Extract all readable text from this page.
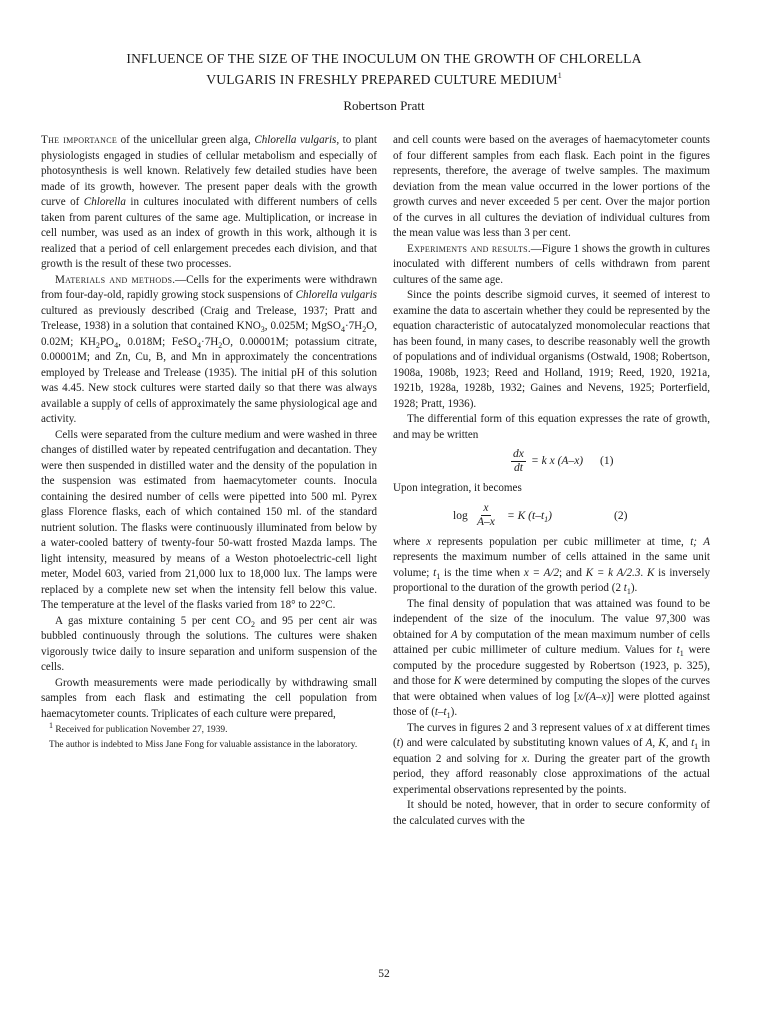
INFLUENCE OF THE SIZE OF THE INOCULUM ON THE GROWTH OF CHLORELLA
VULGARIS IN FRESHLY PREPARED CULTURE MEDIUM$^1$
Robertson Pratt

The importance of the unicellular green alga, Chlorella vulgaris, to plant physiologists engaged in studies of cellular metabolism and especially of photosynthesis is well known. Relatively few detailed studies have been made of its growth, however. The present paper deals with the growth curve of Chlorella in cultures inoculated with different numbers of cells taken from parent cultures of the same age. Multiplication, or increase in cell number, was used as an index of growth in this work, although it is realized that a period of cell enlargement precedes each division, and that growth is the result of these two processes.

Materials and methods.—Cells for the experiments were withdrawn from four-day-old, rapidly growing stock suspensions of Chlorella vulgaris cultured as previously described (Craig and Trelease, 1937; Pratt and Trelease, 1938) in a solution that contained $KNO_3$, 0.025M; $MgSO_4\cdot 7H_2O$, 0.02M; $KH_2PO_4$, 0.018M; $FeSO_4\cdot 7H_2O$, 0.00001M; potassium citrate, 0.00001M; and Zn, Cu, B, and Mn in approximately the concentrations employed by Trelease and Trelease (1935). The initial pH of this solution was 4.45. New stock cultures were started daily so that there was always available a supply of cells of approximately the same physiological age and activity.

Cells were separated from the culture medium and were washed in three changes of distilled water by repeated centrifugation and decantation. They were then suspended in distilled water and the density of the population in the suspension was estimated from haemacytometer counts. Inocula containing the desired number of cells were pipetted into 500 ml. Pyrex glass Florence flasks, each of which contained 150 ml. of the standard nutrient solution. The flasks were continuously illuminated from below by a water-cooled battery of twenty-four 50-watt frosted Mazda lamps. The light intensity, measured by means of a Weston photoelectric-cell light meter, Model 603, varied from 21,000 lux to 18,000 lux. The lamps were replaced by a complete new set when the intensity fell below this value. The temperature at the level of the flasks varied from 18° to 22°C.

A gas mixture containing 5 per cent $CO_2$ and 95 per cent air was bubbled continuously through the solutions. The cultures were shaken vigorously twice daily to insure separation and uniform suspension of the cells.

Growth measurements were made periodically by withdrawing small samples from each flask and estimating the cell population from haemacytometer counts. Triplicates of each culture were prepared,

$^1$ Received for publication November 27, 1939.

The author is indebted to Miss Jane Fong for valuable assistance in the laboratory.

and cell counts were based on the averages of haemacytometer counts of four different samples from each flask. Each point in the figures represents, therefore, the average of twelve samples. The maximum deviation from the mean value occurred in the lower portions of the growth curves and never exceeded 5 per cent. Over the major portion of the curves in all cultures the deviation of individual cultures from the mean value was less than 3 per cent.

Experiments and results.—Figure 1 shows the growth in cultures inoculated with different numbers of cells withdrawn from parent cultures of the same age.

Since the points describe sigmoid curves, it seemed of interest to examine the data to ascertain whether they could be represented by the equation characteristic of autocatalyzed monomolecular reactions that has been found, in many cases, to describe reasonably well the growth of populations and of individual organisms (Ostwald, 1908; Robertson, 1908a, 1908b, 1923; Reed and Holland, 1919; Reed, 1920, 1921a, 1921b, 1928a, 1928b, 1932; Gaines and Nevens, 1925; Porterfield, 1928; Pratt, 1936).

The differential form of this equation expresses the rate of growth, and may be written

$\frac{dx}{dt} = k$ x (A–x) (1)

Upon integration, it becomes

$\log \frac{x}{A-x} = K$ $(t-t_1)$	(2)

where x represents population per cubic millimeter at time, t; A represents the maximum number of cells attained in the same unit volume; $t_1$ is the time when x = A/2; and K = k A/2.3. K is inversely proportional to the duration of the growth period (2 $t_1$).

The final density of population that was attained was found to be independent of the size of the inoculum. The value 97,300 was obtained for A by computation of the mean maximum number of cells attained per cubic millimeter of culture medium. Values for $t_1$ were computed by the procedure suggested by Robertson (1923, p. 325), and those for K were determined by computing the slopes of the curves that were obtained when values of log [x/(A–x)] were plotted against those of $(t-t_1)$.

The curves in figures 2 and 3 represent values of x at different times (t) and were calculated by substituting known values of A, K, and $t_1$ in equation 2 and solving for x. During the greater part of the growth period, they afford reasonably close approximations of the actual experimental observations represented by the points.

It should be noted, however, that in order to secure conformity of the calculated curves with the

52
